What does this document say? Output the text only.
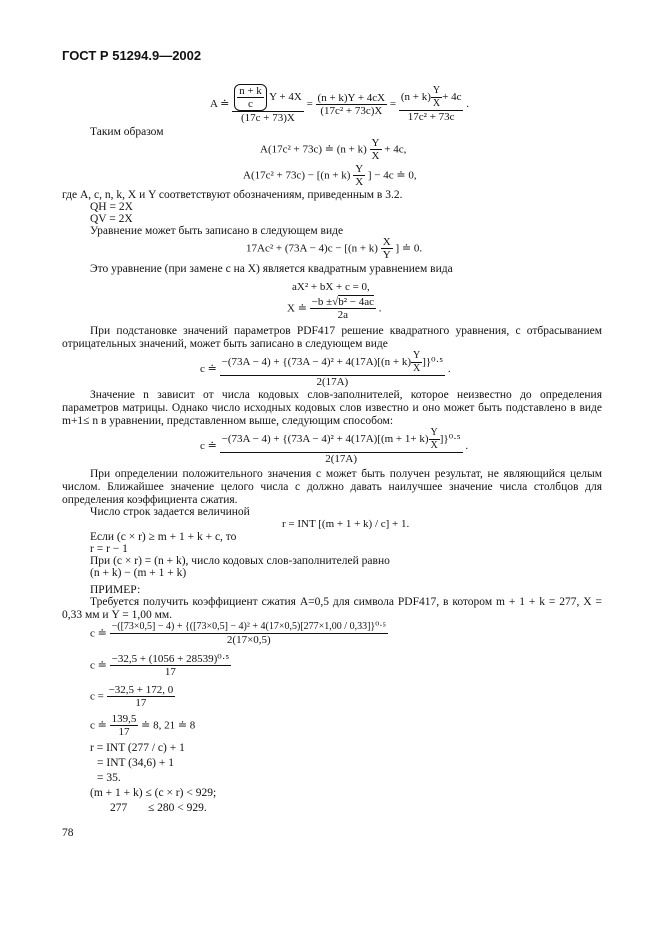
ГОСТ Р 51294.9—2002
A ≐ $\frac{\frac{n + k}{c} Y + 4X}{(17c + 73)X} = \frac{(n + k)Y + 4cX}{\text{(17c² + 73c)X}} = \frac{(n + k) \frac{Y}{X} + 4c}{\text{17c² + 73c}}$ .
Таким образом
A(17c² + 73c) ≐ $(n + k) \frac{Y}{X} + 4c$,
$A(17c^2 + 73c) - [(n + k) \frac{Y}{X}$ ] − 4c ≐ 0,
где A, c, n, k, X и Y соответствуют обозначениям, приведенным в 3.2.
QH = 2X
QV = 2X
Уравнение может быть записано в следующем виде
$17Ac^2 + (73A - 4)c - [(n + k) \frac{X}{Y}$ ] ≐ 0.
Это уравнение (при замене c на X) является квадратным уравнением вида
aX² + bX + c = 0,
X ≐ $\frac{\text{−b ±√b² − 4ac}}{2a}$ .
При подстановке значений параметров PDF417 решение квадратного уравнения, с отбрасыванием отрицательных значений, может быть записано в следующем виде
c ≐ $\frac{-(73A - 4) + \{(73A - 4)^2 + 4(17A)[(n + k) \frac{Y}{X} ]\}^0\cdot^5}{2(17A)}$ .
Значение n зависит от числа кодовых слов-заполнителей, которое неизвестно до определения параметров матрицы. Однако число исходных кодовых слов известно и оно может быть подставлено в виде m+1≤ n в уравнении, представленном выше, следующим способом:
c ≐ $\frac{-(73A - 4) + \{(73A - 4)^2 + 4(17A)[(m + 1+ k) \frac{Y}{X} ]\}^0\cdot^5}{2(17A)}$ .
При определении положительного значения c может быть получен результат, не являющийся целым числом. Ближайшее значение целого числа c должно давать наилучшее значение числа столбцов для определения коэффициента сжатия.
Число строк задается величиной
r = INT [(m + 1 + k) / c] + 1.
Если (c × r) ≥ m + 1 + k + c, то
r = r − 1
При (c × r) = (n + k), число кодовых слов-заполнителей равно
(n + k) − (m + 1 + k)
ПРИМЕР:
Требуется получить коэффициент сжатия A=0,5 для символа PDF417, в котором m + 1 + k = 277, X = 0,33 мм и Y = 1,00 мм.
c ≐
−([73×0,5] − 4) + {([73×0,5] − 4)² + 4(17×0,5)[277×1,00 / 0,33]}⁰·⁵
2(17×0,5)
c ≐ $\frac{\text{−32,5 + (1056 + 28539)⁰·⁵}}{17}$
$c = \frac{-32,5 + 172, 0}{17}$
c ≐ $\frac{139,5}{17}$ ≐ 8, 21 ≐ 8
r = INT (277 / c) + 1
= INT (34,6) + 1
= 35.
(m + 1 + k) ≤ (c × r) < 929;
277 ≤ 280 < 929.
78
